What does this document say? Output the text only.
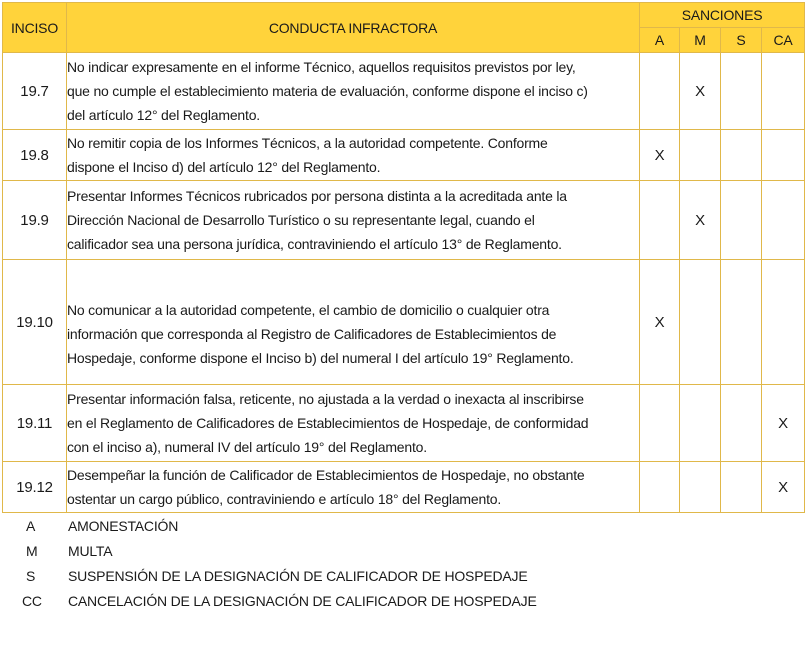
INCISO	CONDUCTA INFRACTORA	SANCIONES			
		A	M	S	CA
19.7	No indicar expresamente en el informe Técnico, aquellos requisitos previstos por ley,
que no cumple el establecimiento materia de evaluación, conforme dispone el inciso c)
del artículo 12° del Reglamento.		X		
19.8	No remitir copia de los Informes Técnicos, a la autoridad competente. Conforme
dispone el Inciso d) del artículo 12° del Reglamento.	X			
19.9	Presentar Informes Técnicos rubricados por persona distinta a la acreditada ante la
Dirección Nacional de Desarrollo Turístico o su representante legal, cuando el
calificador sea una persona jurídica, contraviniendo el artículo 13° de Reglamento.		X		
19.10	No comunicar a la autoridad competente, el cambio de domicilio o cualquier otra
información que corresponda al Registro de Calificadores de Establecimientos de
Hospedaje, conforme dispone el Inciso b) del numeral I del artículo 19° Reglamento.	X			
19.11	Presentar información falsa, reticente, no ajustada a la verdad o inexacta al inscribirse
en el Reglamento de Calificadores de Establecimientos de Hospedaje, de conformidad
con el inciso a), numeral IV del artículo 19° del Reglamento.				X
19.12	Desempeñar la función de Calificador de Establecimientos de Hospedaje, no obstante
ostentar un cargo público, contraviniendo e artículo 18° del Reglamento.				X
A AMONESTACIÓN
M MULTA
S SUSPENSIÓN DE LA DESIGNACIÓN DE CALIFICADOR DE HOSPEDAJE
CC CANCELACIÓN DE LA DESIGNACIÓN DE CALIFICADOR DE HOSPEDAJE
